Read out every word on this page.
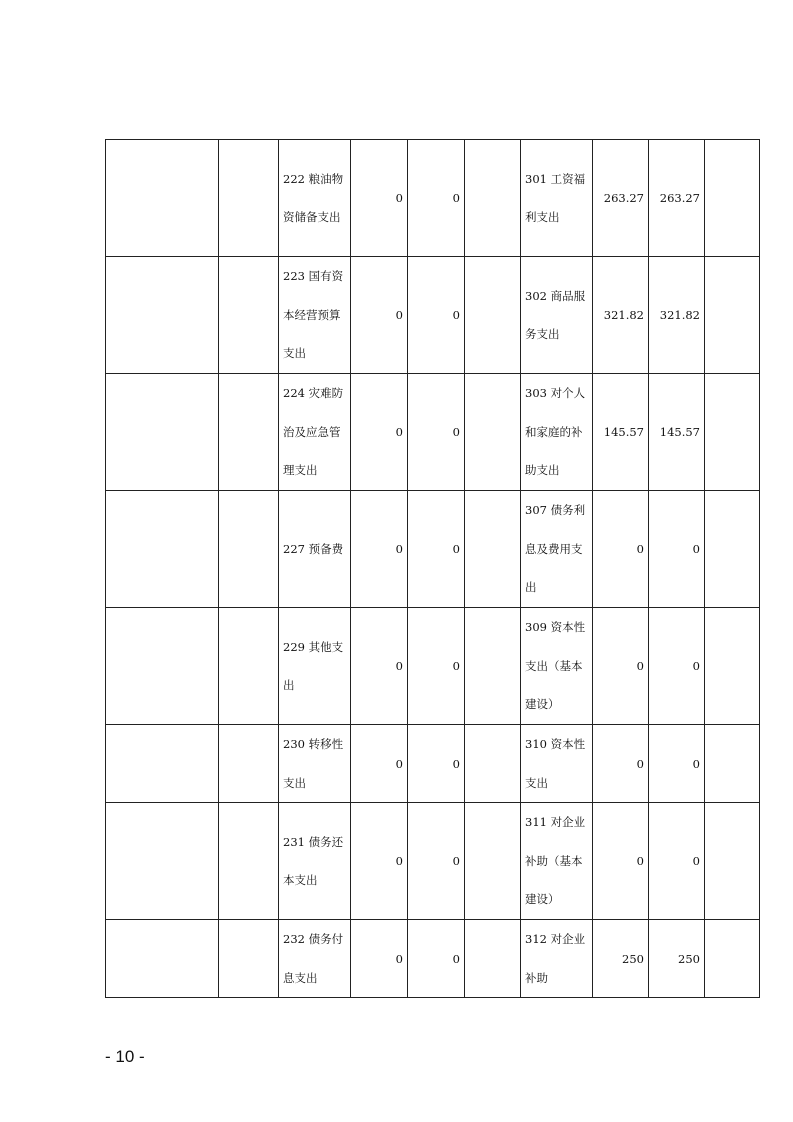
		222 粮油物资储备支出	0	0		301 工资福利支出	263.27	263.27	
		223 国有资本经营预算支出	0	0		302 商品服务支出	321.82	321.82	
		224 灾难防治及应急管理支出	0	0		303 对个人和家庭的补助支出	145.57	145.57	
		227 预备费	0	0		307 债务利息及费用支出	0	0	
		229 其他支出	0	0		309 资本性支出（基本建设）	0	0	
		230 转移性支出	0	0		310 资本性支出	0	0	
		231 债务还本支出	0	0		311 对企业补助（基本建设）	0	0	
		232 债务付息支出	0	0		312 对企业补助	250	250	
- 10 -
